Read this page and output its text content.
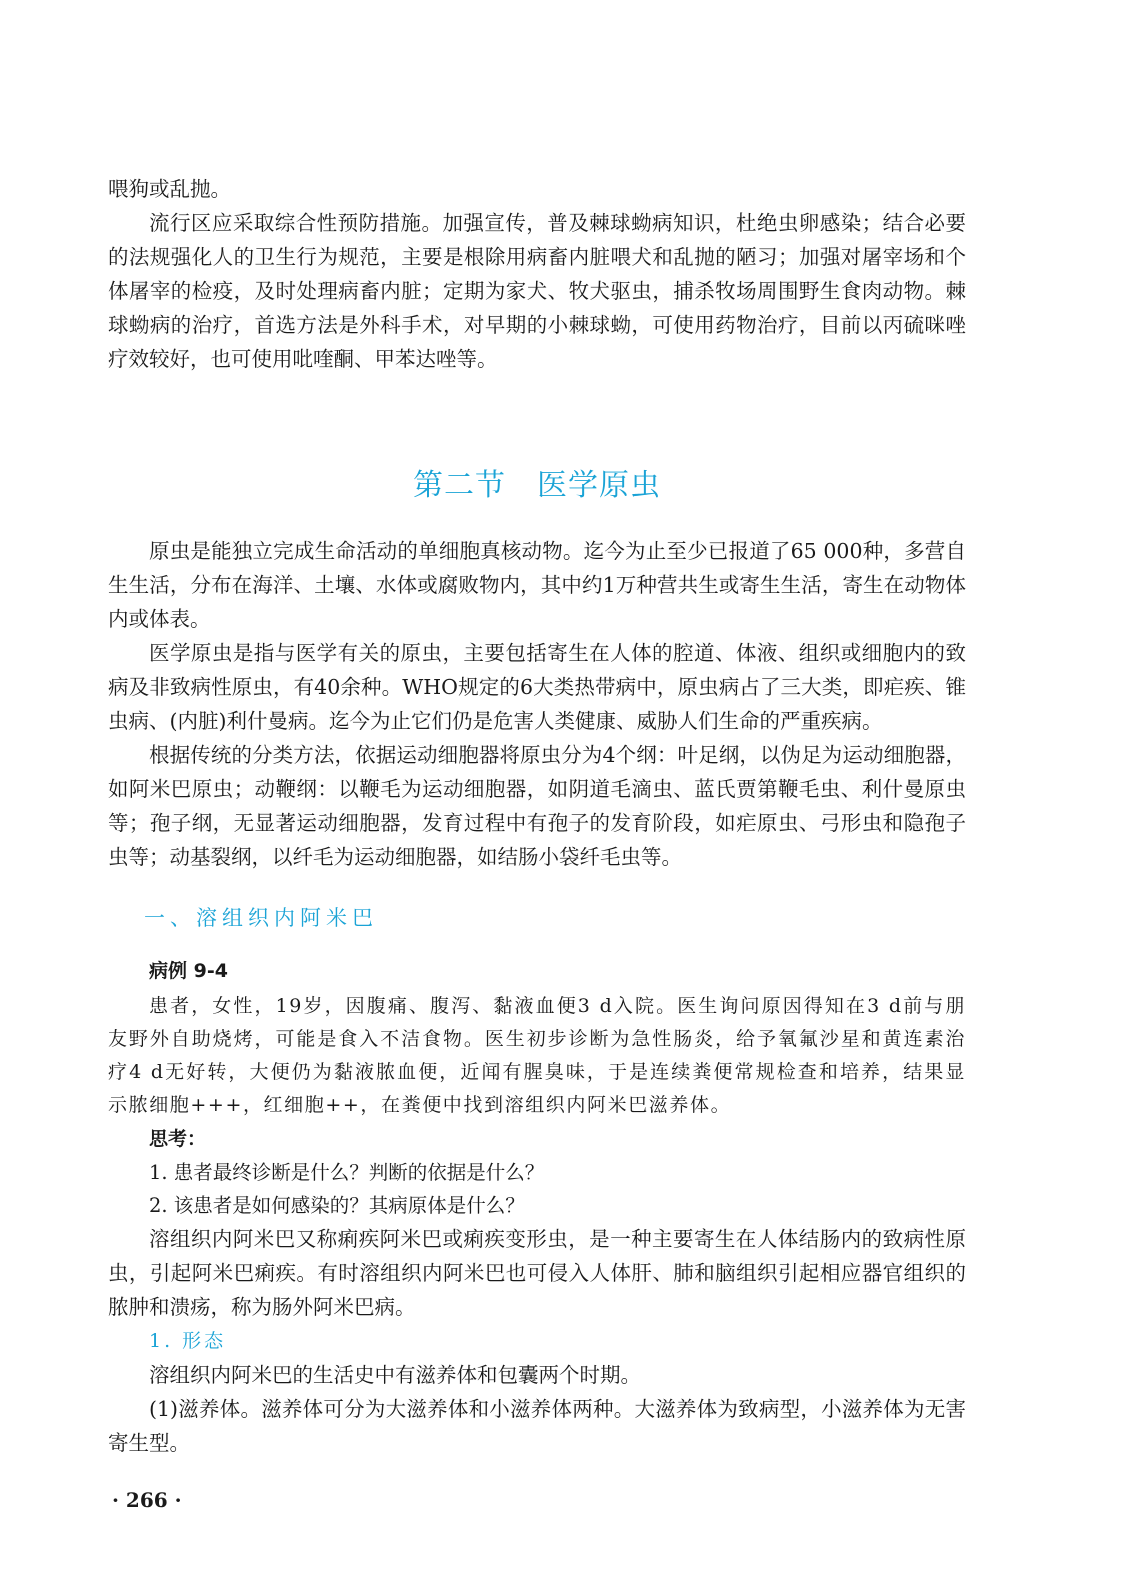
喂狗或乱抛。

流行区应采取综合性预防措施。加强宣传，普及棘球蚴病知识，杜绝虫卵感染；结合必要的法规强化人的卫生行为规范，主要是根除用病畜内脏喂犬和乱抛的陋习；加强对屠宰场和个体屠宰的检疫，及时处理病畜内脏；定期为家犬、牧犬驱虫，捕杀牧场周围野生食肉动物。棘球蚴病的治疗，首选方法是外科手术，对早期的小棘球蚴，可使用药物治疗，目前以丙硫咪唑疗效较好，也可使用吡喹酮、甲苯达唑等。

第二节　医学原虫

原虫是能独立完成生命活动的单细胞真核动物。迄今为止至少已报道了65 000种，多营自生生活，分布在海洋、土壤、水体或腐败物内，其中约1万种营共生或寄生生活，寄生在动物体内或体表。

医学原虫是指与医学有关的原虫，主要包括寄生在人体的腔道、体液、组织或细胞内的致病及非致病性原虫，有40余种。WHO规定的6大类热带病中，原虫病占了三大类，即疟疾、锥虫病、(内脏)利什曼病。迄今为止它们仍是危害人类健康、威胁人们生命的严重疾病。

根据传统的分类方法，依据运动细胞器将原虫分为4个纲：叶足纲，以伪足为运动细胞器，如阿米巴原虫；动鞭纲：以鞭毛为运动细胞器，如阴道毛滴虫、蓝氏贾第鞭毛虫、利什曼原虫等；孢子纲，无显著运动细胞器，发育过程中有孢子的发育阶段，如疟原虫、弓形虫和隐孢子虫等；动基裂纲，以纤毛为运动细胞器，如结肠小袋纤毛虫等。

一、溶组织内阿米巴
病例 9-4

患者，女性，19岁，因腹痛、腹泻、黏液血便3 d入院。医生询问原因得知在3 d前与朋友野外自助烧烤，可能是食入不洁食物。医生初步诊断为急性肠炎，给予氧氟沙星和黄连素治疗4 d无好转，大便仍为黏液脓血便，近闻有腥臭味，于是连续粪便常规检查和培养，结果显示脓细胞+++，红细胞++，在粪便中找到溶组织内阿米巴滋养体。

思考：

1. 患者最终诊断是什么？判断的依据是什么？

2. 该患者是如何感染的？其病原体是什么？

溶组织内阿米巴又称痢疾阿米巴或痢疾变形虫，是一种主要寄生在人体结肠内的致病性原虫，引起阿米巴痢疾。有时溶组织内阿米巴也可侵入人体肝、肺和脑组织引起相应器官组织的脓肿和溃疡，称为肠外阿米巴病。

1. 形态

溶组织内阿米巴的生活史中有滋养体和包囊两个时期。

(1)滋养体。滋养体可分为大滋养体和小滋养体两种。大滋养体为致病型，小滋养体为无害寄生型。

· 266 ·
